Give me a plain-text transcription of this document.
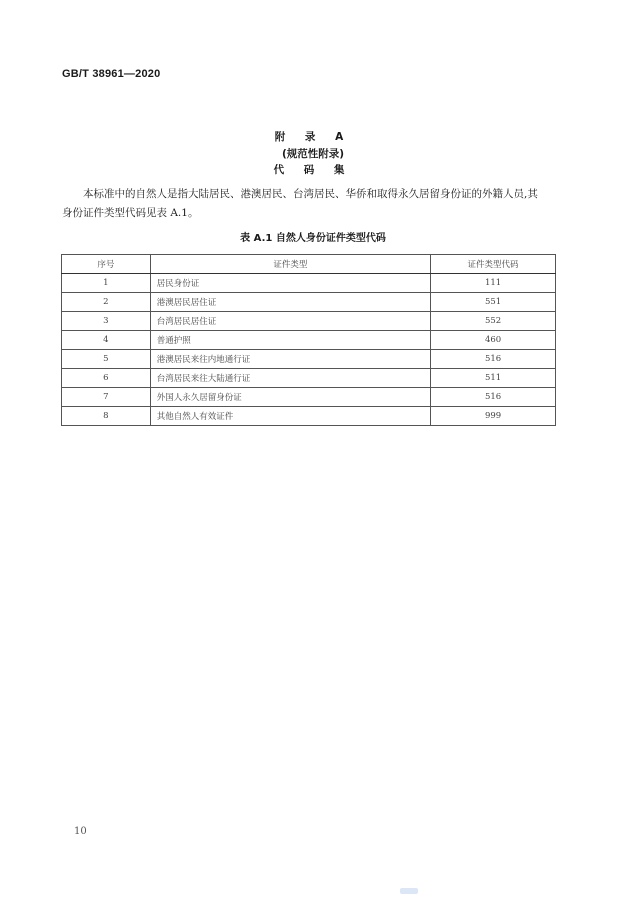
GB/T 38961—2020
附 录 A
(规范性附录)
代 码 集

本标准中的自然人是指大陆居民、港澳居民、台湾居民、华侨和取得永久居留身份证的外籍人员,其

身份证件类型代码见表 A.1。
表 A.1 自然人身份证件类型代码
序号	证件类型	证件类型代码
1	居民身份证	111
2	港澳居民居住证	551
3	台湾居民居住证	552
4	普通护照	460
5	港澳居民来往内地通行证	516
6	台湾居民来往大陆通行证	511
7	外国人永久居留身份证	516
8	其他自然人有效证件	999
10
